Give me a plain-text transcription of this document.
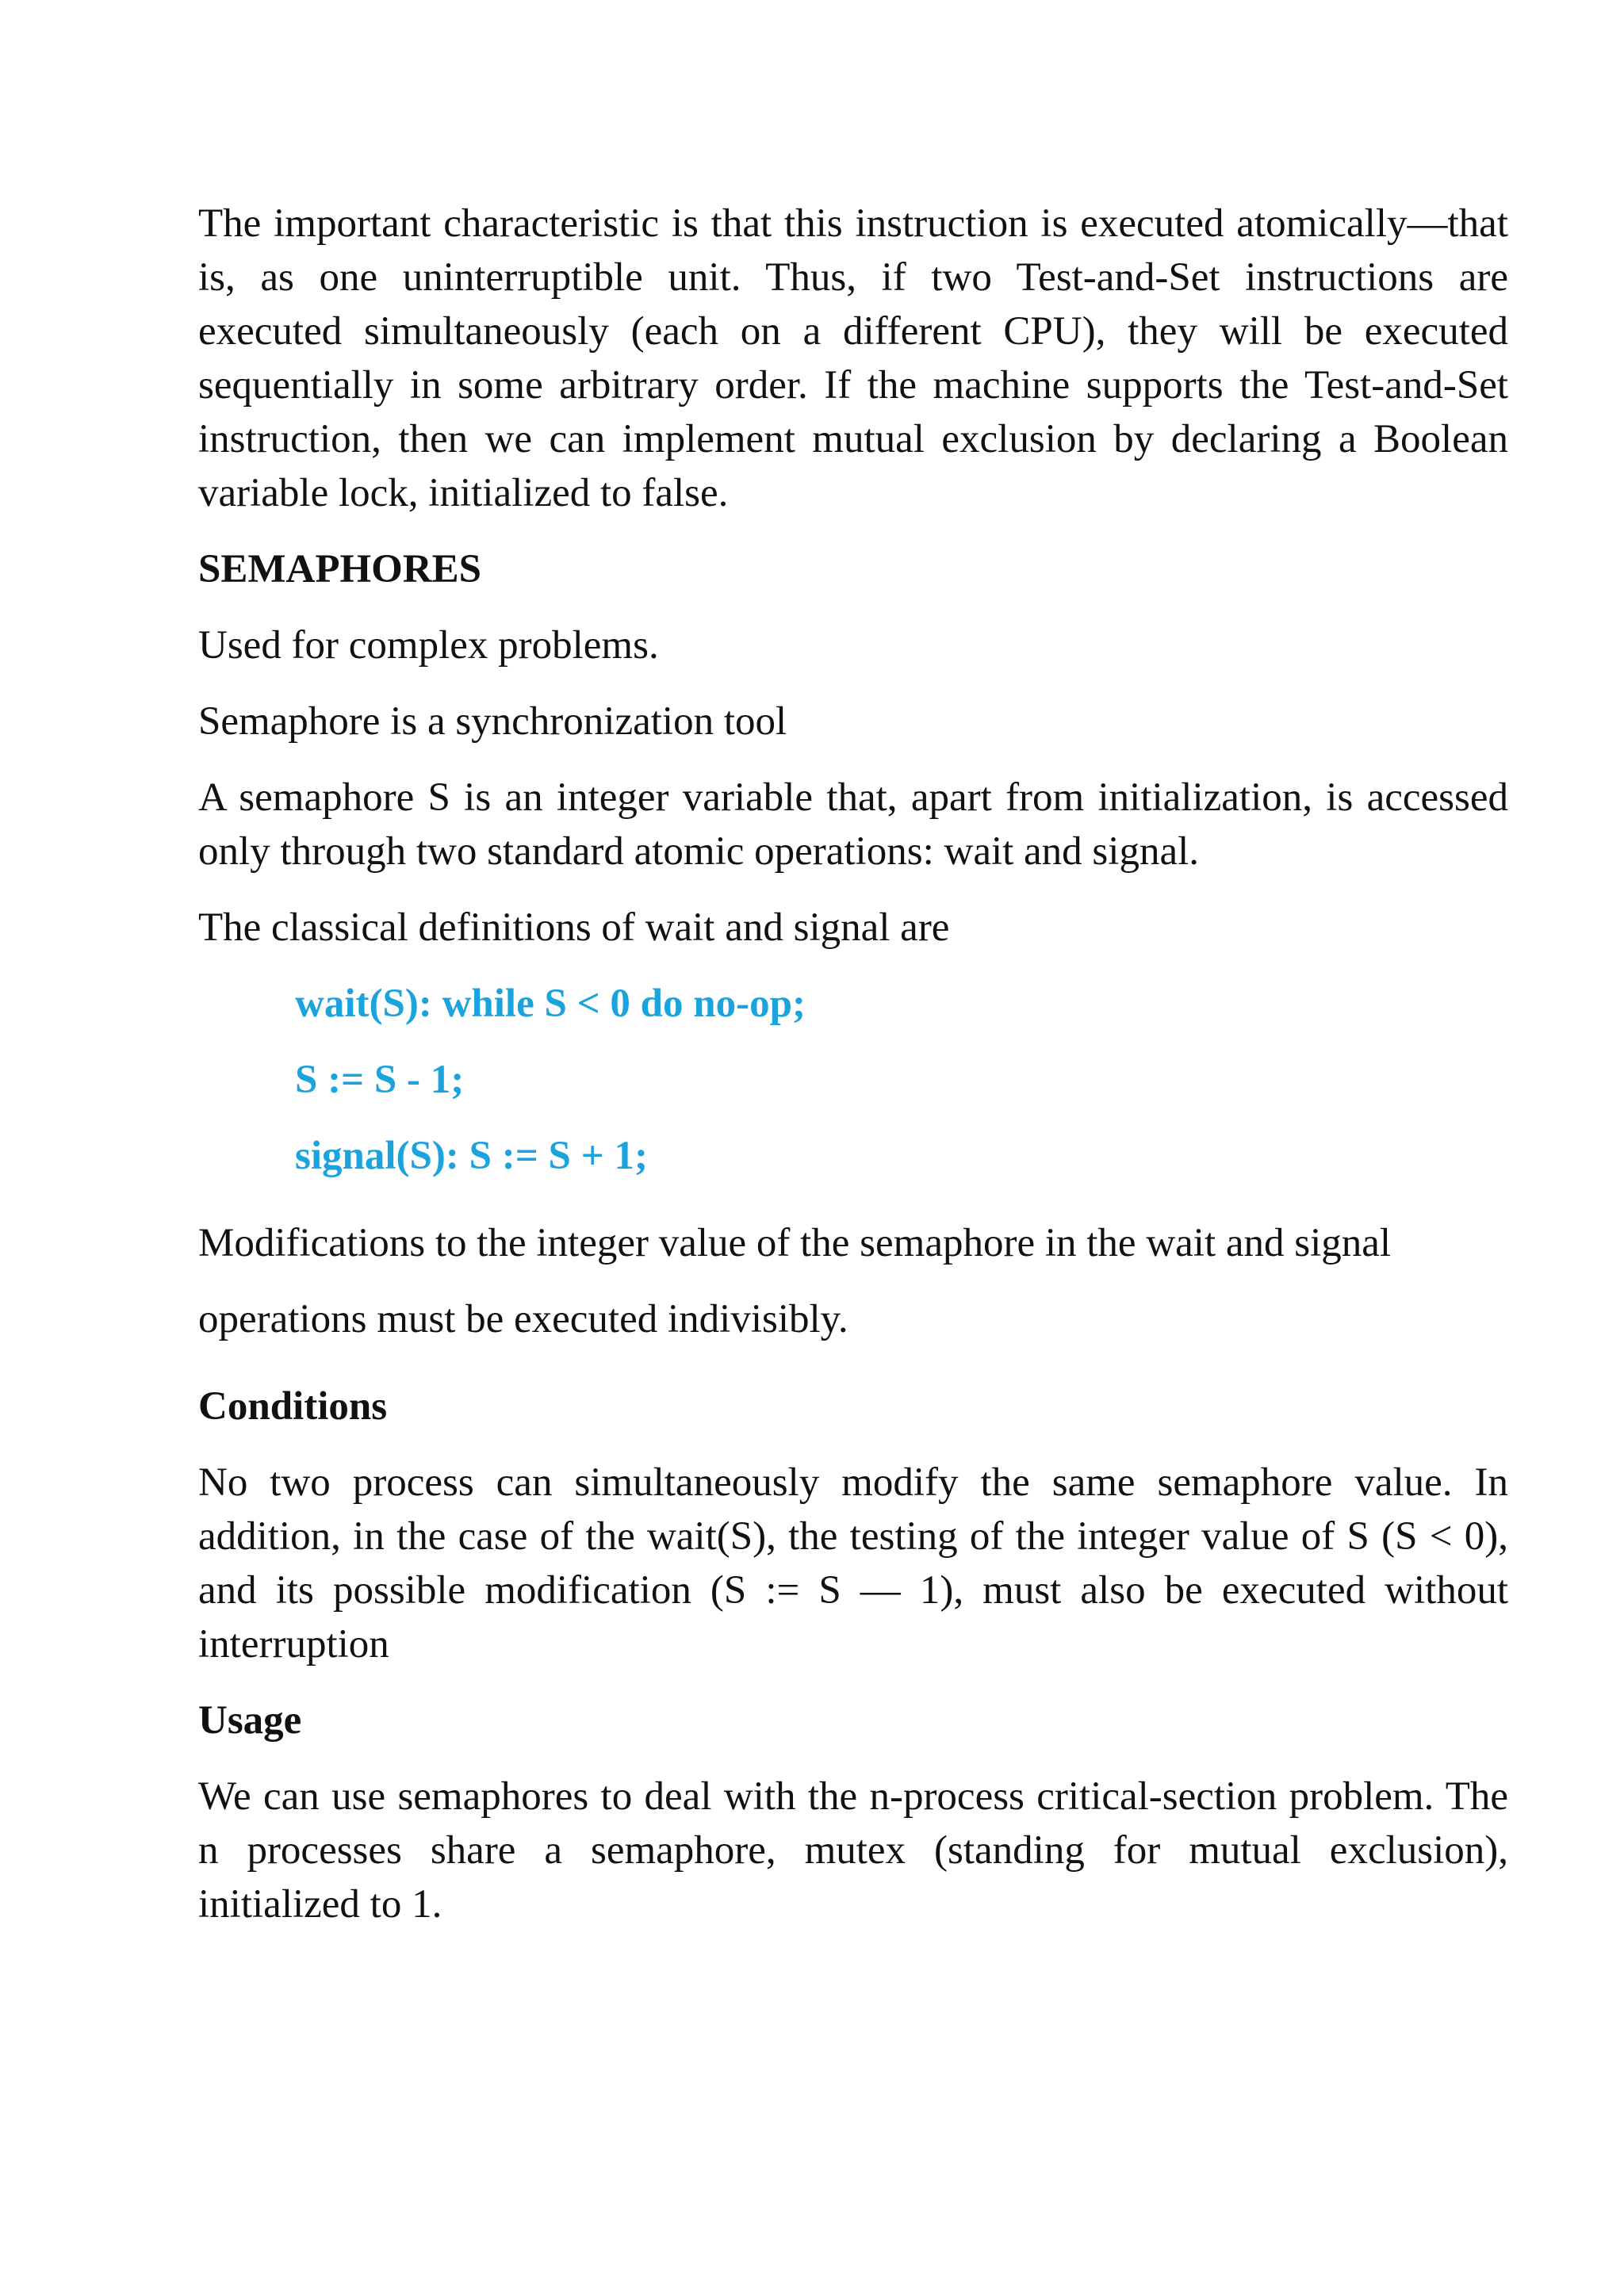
The important characteristic is that this instruction is executed atomically—that is, as one uninterruptible unit. Thus, if two Test-and-Set instructions are executed simultaneously (each on a different CPU), they will be executed sequentially in some arbitrary order. If the machine supports the Test-and-Set instruction, then we can implement mutual exclusion by declaring a Boolean variable lock, initialized to false.

SEMAPHORES

Used for complex problems.

Semaphore is a synchronization tool

A semaphore S is an integer variable that, apart from initialization, is accessed only through two standard atomic operations: wait and signal.

The classical definitions of wait and signal are

wait(S): while S < 0 do no-op;
S := S - 1;
signal(S): S := S + 1;
Modifications to the integer value of the semaphore in the wait and signal
operations must be executed indivisibly.
Conditions

No two process can simultaneously modify the same semaphore value. In addition, in the case of the wait(S), the testing of the integer value of S (S < 0), and its possible modification (S := S — 1), must also be executed without interruption

Usage

We can use semaphores to deal with the n-process critical-section problem. The n processes share a semaphore, mutex (standing for mutual exclusion), initialized to 1.
